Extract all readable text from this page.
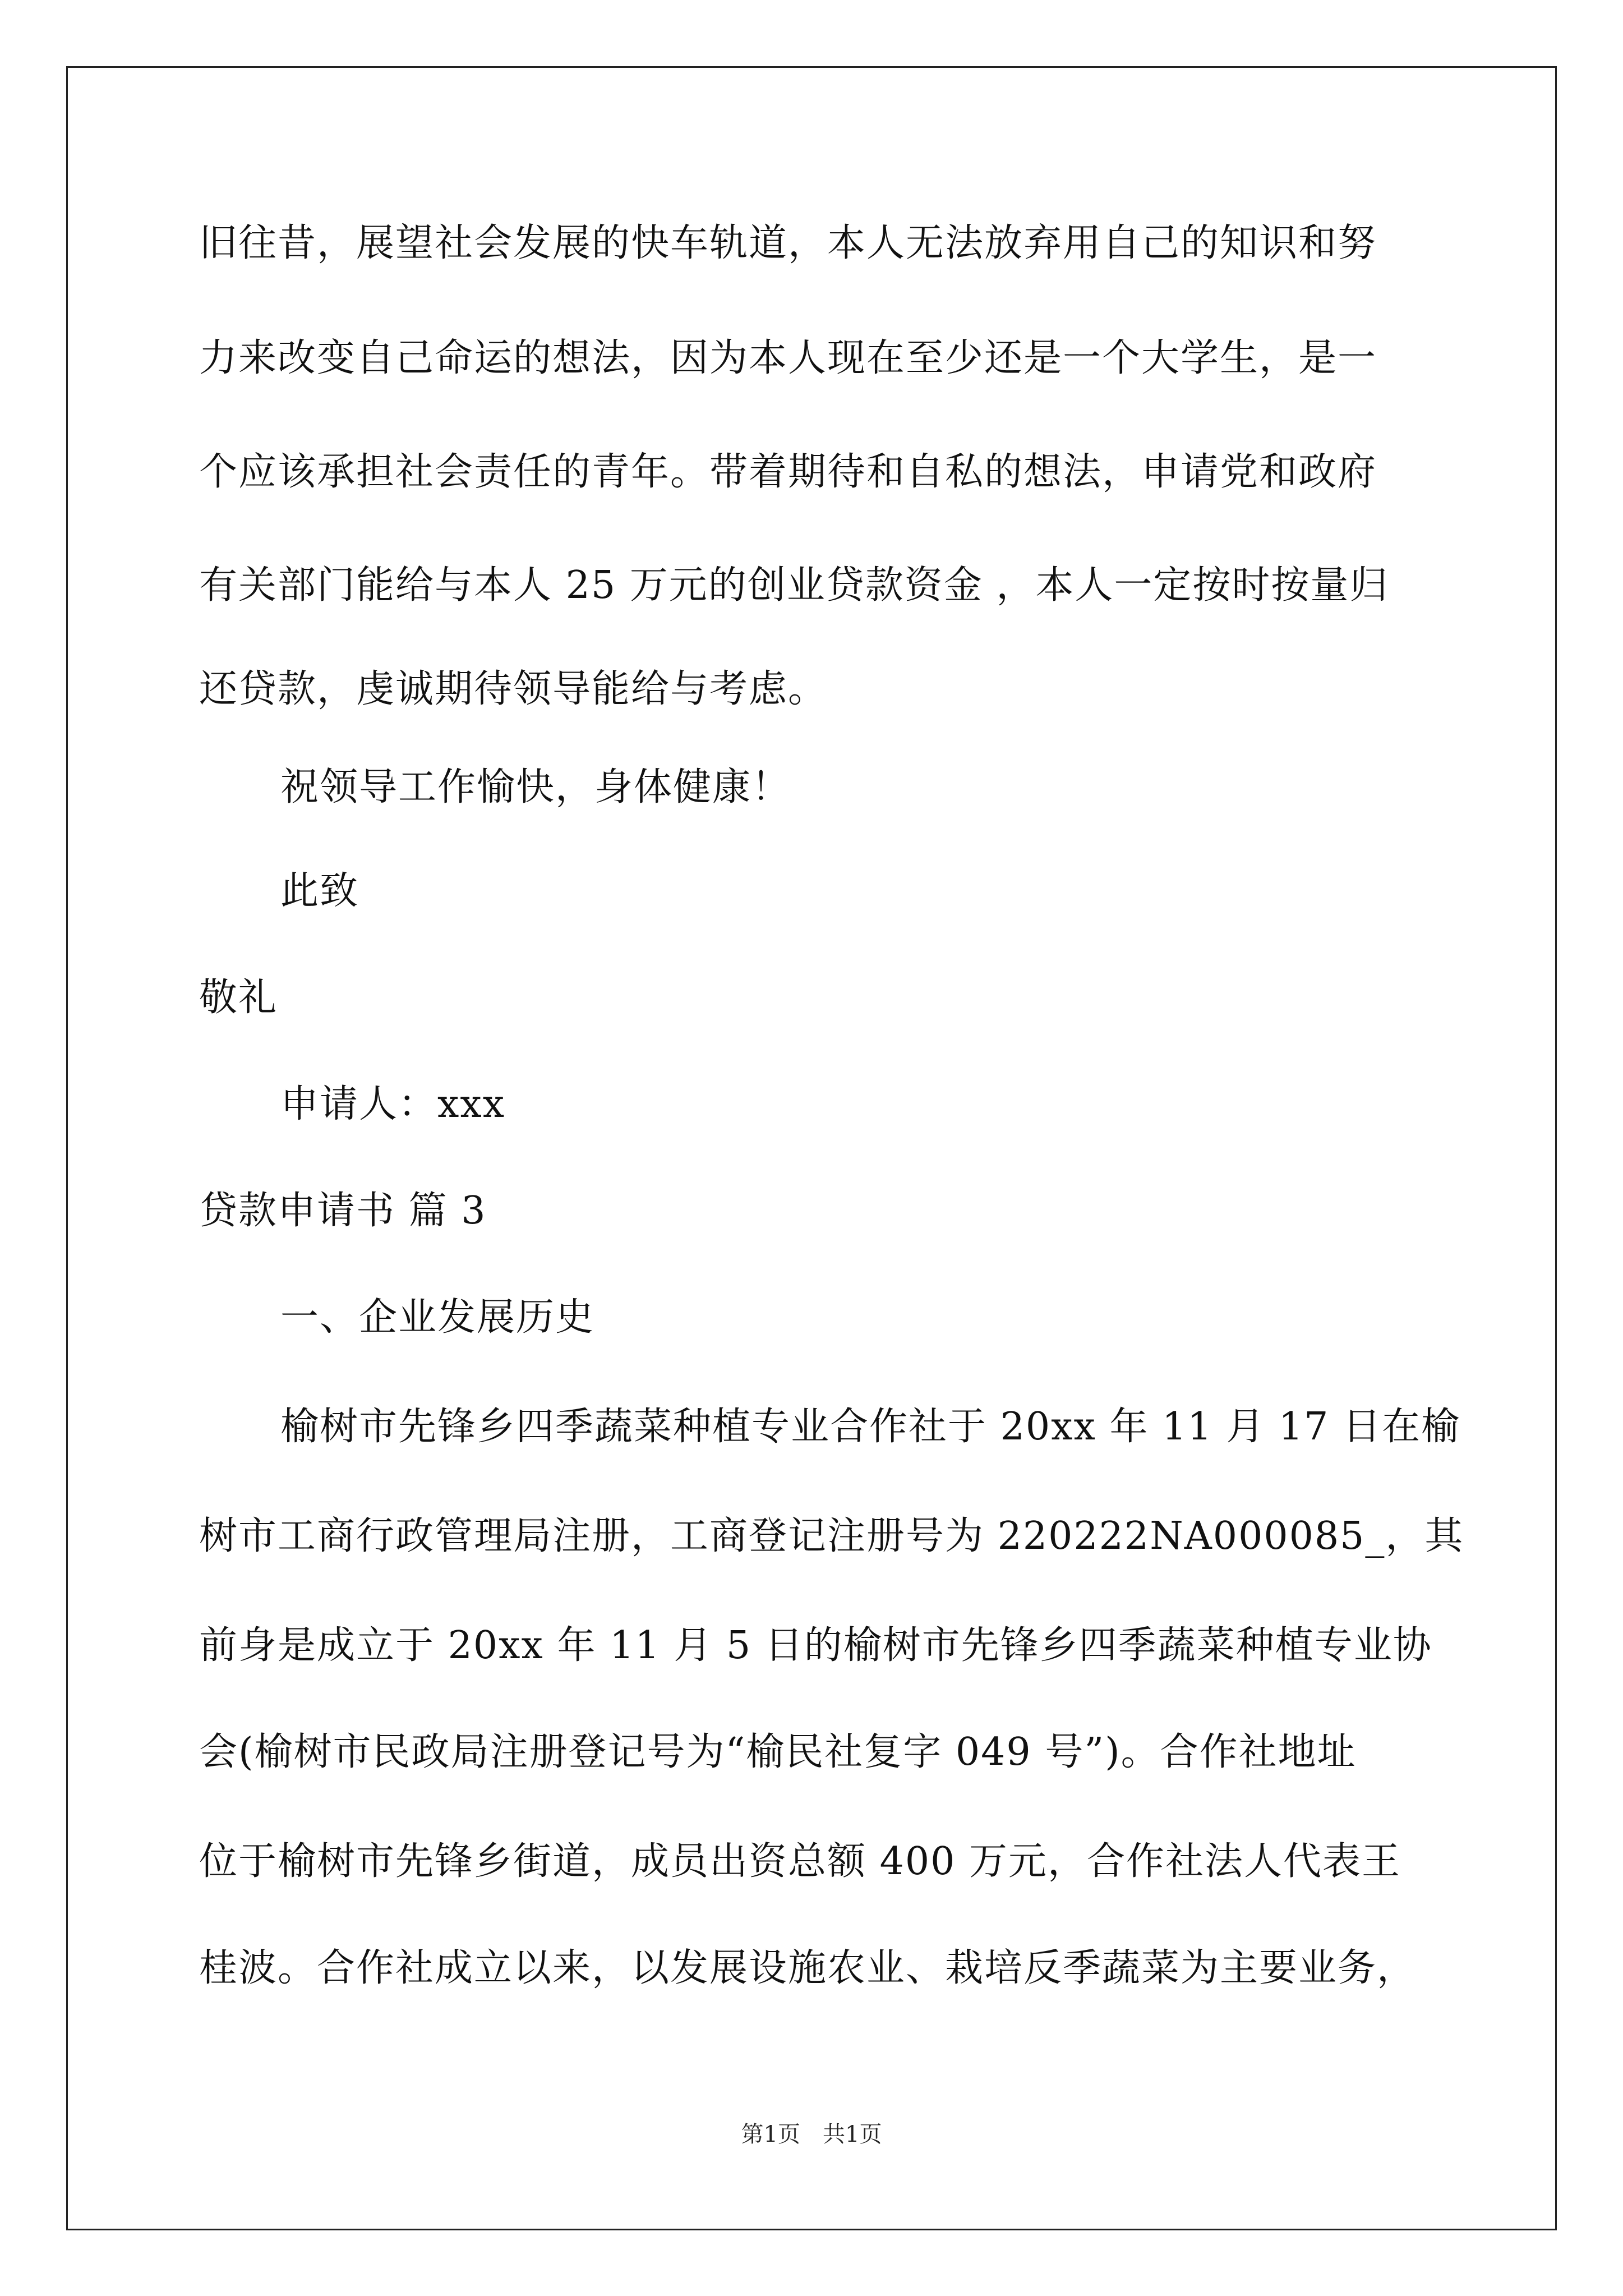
旧往昔，展望社会发展的快车轨道，本人无法放弃用自己的知识和努
力来改变自己命运的想法，因为本人现在至少还是一个大学生，是一
个应该承担社会责任的青年。带着期待和自私的想法，申请党和政府
有关部门能给与本人 25 万元的创业贷款资金 ，本人一定按时按量归
还贷款，虔诚期待领导能给与考虑。
祝领导工作愉快，身体健康！
此致
敬礼
申请人：xxx
贷款申请书 篇 3
一、企业发展历史
榆树市先锋乡四季蔬菜种植专业合作社于 20xx 年 11 月 17 日在榆
树市工商行政管理局注册，工商登记注册号为 220222NA000085_，其
前身是成立于 20xx 年 11 月 5 日的榆树市先锋乡四季蔬菜种植专业协
会(榆树市民政局注册登记号为“榆民社复字 049 号”)。合作社地址
位于榆树市先锋乡街道，成员出资总额 400 万元，合作社法人代表王
桂波。合作社成立以来，以发展设施农业、栽培反季蔬菜为主要业务，
第1页　共1页
